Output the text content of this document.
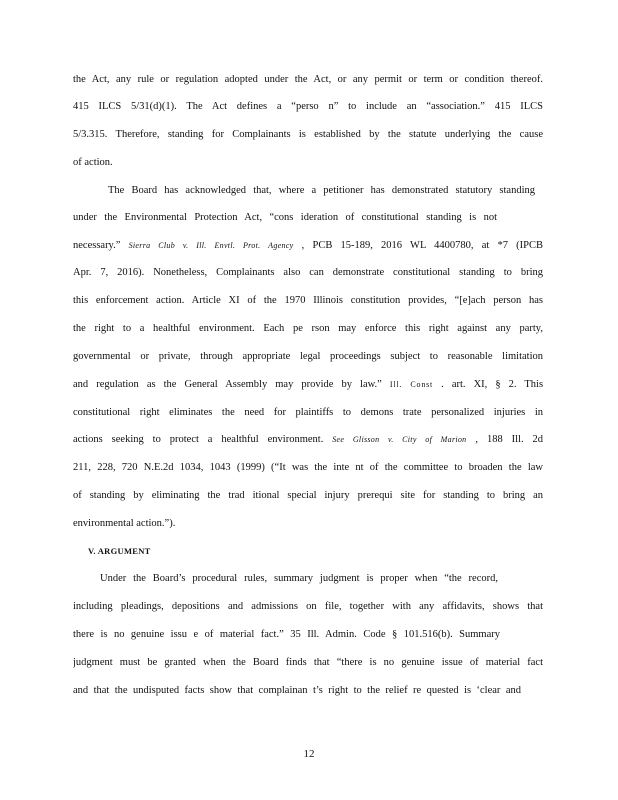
the Act, any rule or regulation adopted under the Act, or any permit or term or condition thereof.
415 ILCS 5/31(d)(1). The Act defines a “perso n” to include an “association.” 415 ILCS
5/3.315. Therefore, standing for Complainants is established by the statute underlying the cause
of action.
The Board has acknowledged that, where a petitioner has demonstrated statutory standing
under the Environmental Protection Act, “cons ideration of constitutional standing is not
necessary.” Sierra Club v. Ill. Envtl. Prot. Agency , PCB 15-189, 2016 WL 4400780, at *7 (IPCB
Apr. 7, 2016). Nonetheless, Complainants also can demonstrate constitutional standing to bring
this enforcement action. Article XI of the 1970 Illinois constitution provides, “[e]ach person has
the right to a healthful environment. Each pe rson may enforce this right against any party,
governmental or private, through appropriate legal proceedings subject to reasonable limitation
and regulation as the General Assembly may provide by law.” Ill. Const . art. XI, § 2. This
constitutional right eliminates the need for plaintiffs to demons trate personalized injuries in
actions seeking to protect a healthful environment. See Glisson v. City of Marion , 188 Ill. 2d
211, 228, 720 N.E.2d 1034, 1043 (1999) (“It was the inte nt of the committee to broaden the law
of standing by eliminating the trad itional special injury prerequi site for standing to bring an
environmental action.”).
V. ARGUMENT
Under the Board’s procedural rules, summary judgment is proper when “the record,
including pleadings, depositions and admissions on file, together with any affidavits, shows that
there is no genuine issu e of material fact.” 35 Ill. Admin. Code § 101.516(b). Summary
judgment must be granted when the Board finds that “there is no genuine issue of material fact
and that the undisputed facts show that complainan t’s right to the relief re quested is ‘clear and
12
